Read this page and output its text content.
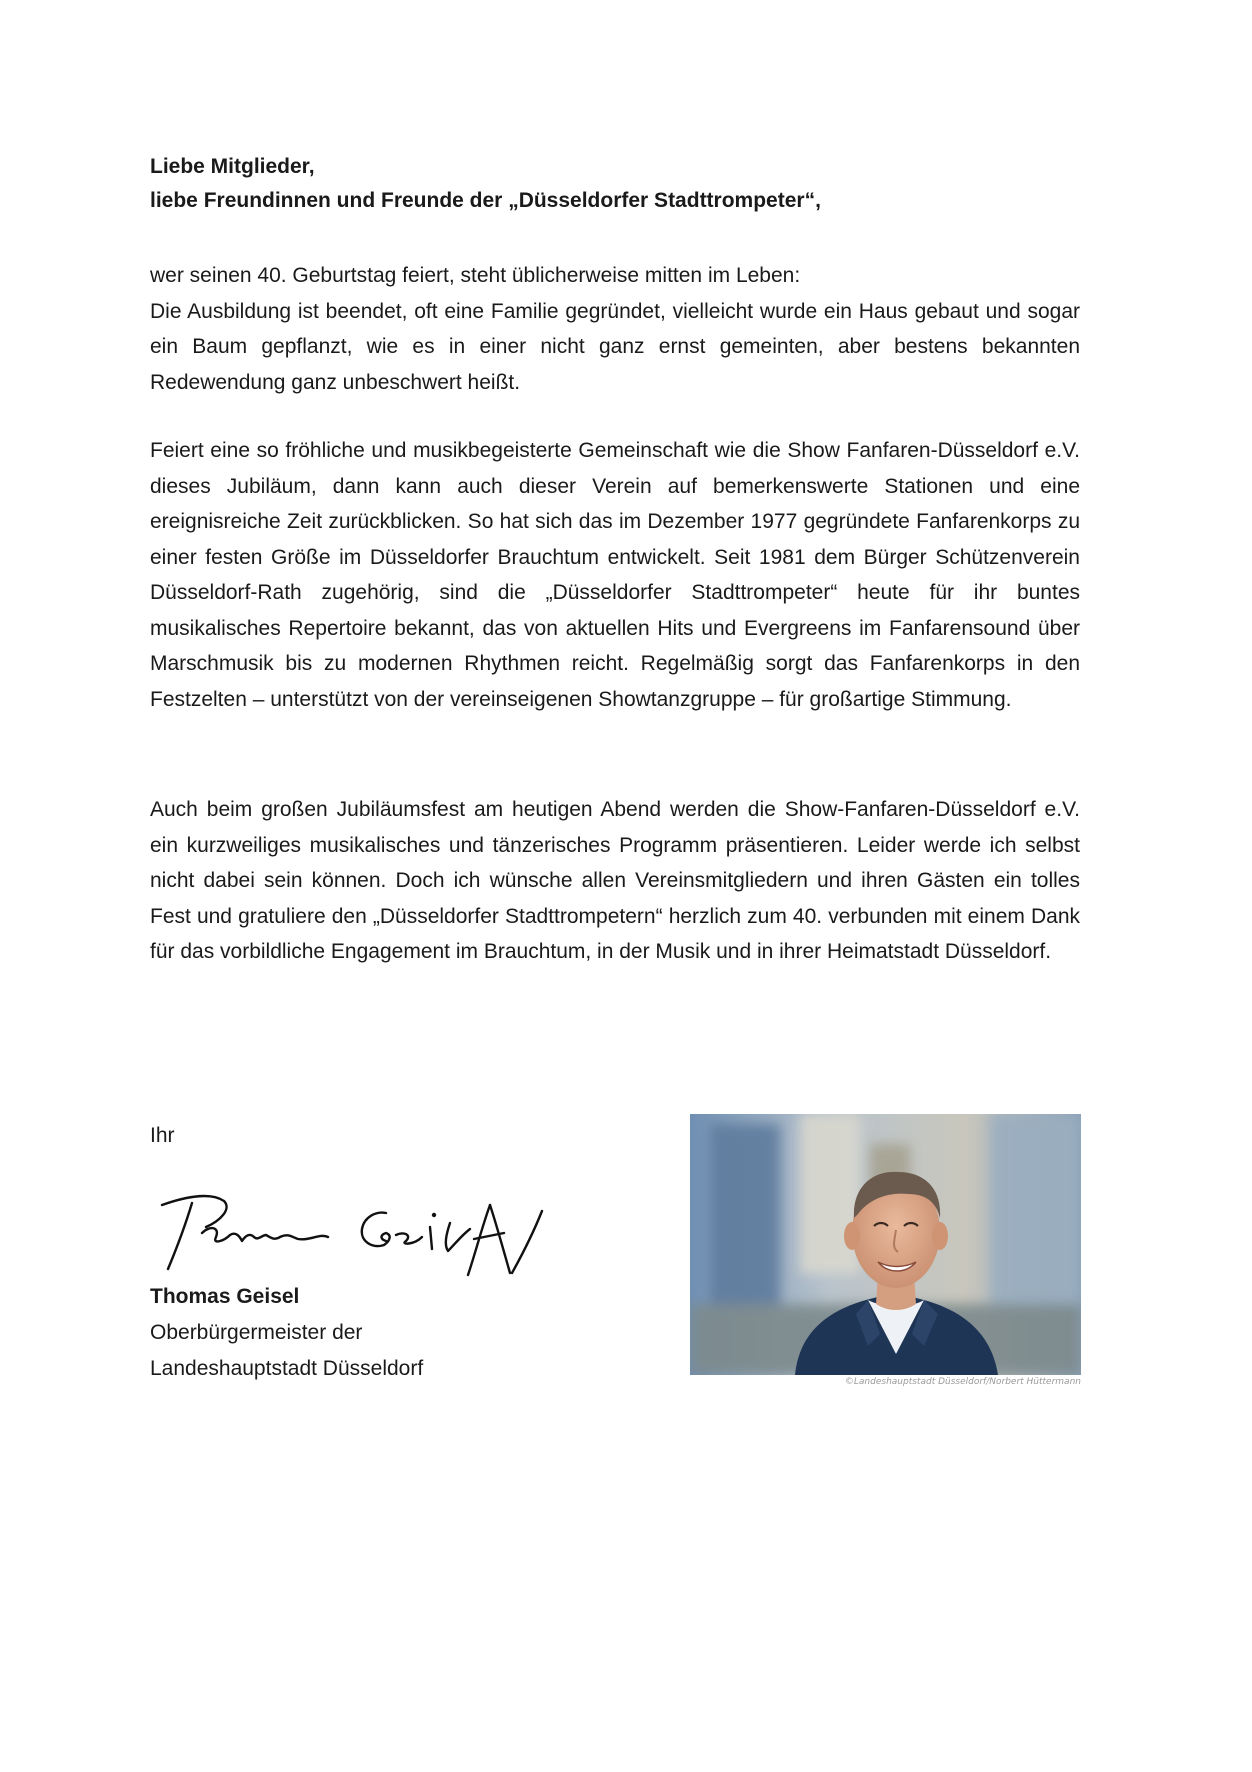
Liebe Mitglieder,
liebe Freundinnen und Freunde der „Düsseldorfer Stadttrompeter“,

wer seinen 40. Geburtstag feiert, steht üblicherweise mitten im Leben:

Die Ausbildung ist beendet, oft eine Familie gegründet, vielleicht wurde ein Haus gebaut und sogar ein Baum gepflanzt, wie es in einer nicht ganz ernst gemeinten, aber bestens bekannten Redewendung ganz unbeschwert heißt.

Feiert eine so fröhliche und musikbegeisterte Gemeinschaft wie die Show Fanfaren-Düsseldorf e.V. dieses Jubiläum, dann kann auch dieser Verein auf bemerkenswerte Stationen und eine ereignisreiche Zeit zurückblicken. So hat sich das im Dezember 1977 gegründete Fanfarenkorps zu einer festen Größe im Düsseldorfer Brauchtum entwickelt. Seit 1981 dem Bürger Schützenverein Düsseldorf-Rath zugehörig, sind die „Düsseldorfer Stadttrompeter“ heute für ihr buntes musikalisches Repertoire bekannt, das von aktuellen Hits und Evergreens im Fanfarensound über Marschmusik bis zu modernen Rhythmen reicht. Regelmäßig sorgt das Fanfarenkorps in den Festzelten – unterstützt von der vereinseigenen Showtanzgruppe – für großartige Stimmung.

Auch beim großen Jubiläumsfest am heutigen Abend werden die Show-Fanfaren-Düsseldorf e.V. ein kurzweiliges musikalisches und tänzerisches Programm präsentieren. Leider werde ich selbst nicht dabei sein können. Doch ich wünsche allen Vereinsmitgliedern und ihren Gästen ein tolles Fest und gratuliere den „Düsseldorfer Stadttrompetern“ herzlich zum 40. verbunden mit einem Dank für das vorbildliche Engagement im Brauchtum, in der Musik und in ihrer Heimatstadt Düsseldorf.

Ihr
Thomas Geisel
Oberbürgermeister der
Landeshauptstadt Düsseldorf
©Landeshauptstadt Düsseldorf/Norbert Hüttermann
